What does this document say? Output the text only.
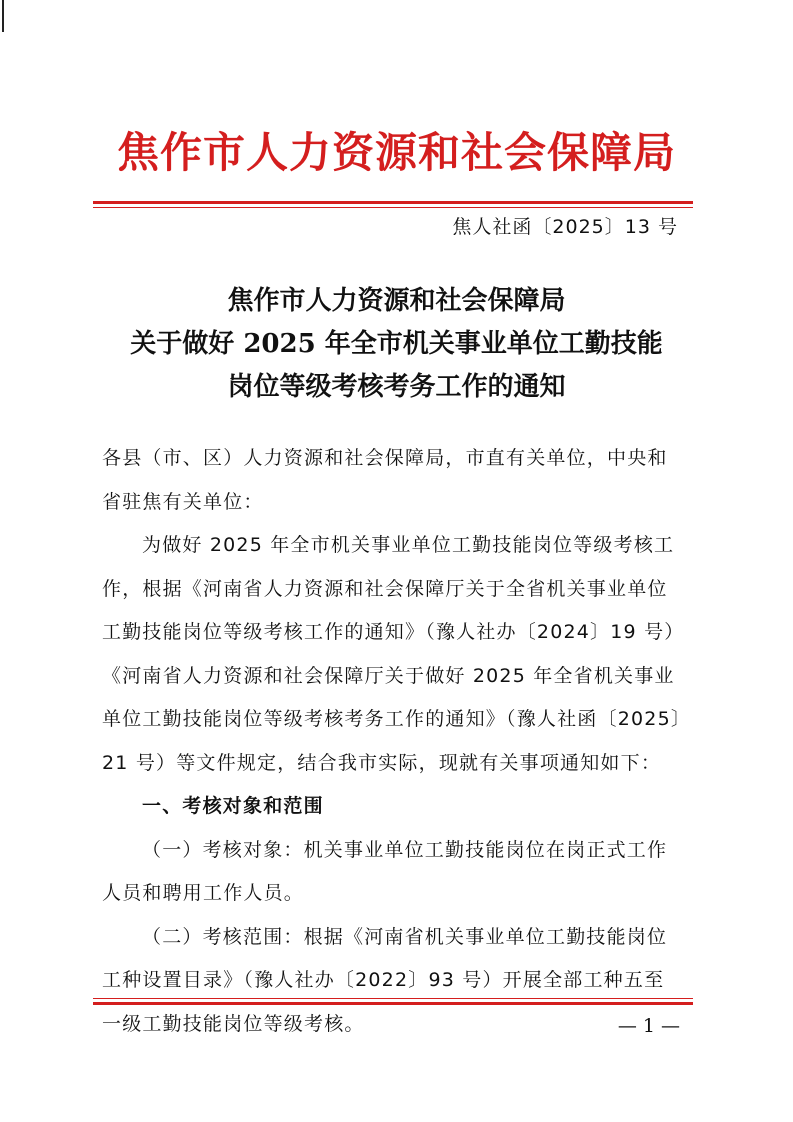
焦作市人力资源和社会保障局
焦人社函〔2025〕13 号
焦作市人力资源和社会保障局
关于做好 2025 年全市机关事业单位工勤技能
岗位等级考核考务工作的通知
各县（市、区）人力资源和社会保障局，市直有关单位，中央和
省驻焦有关单位：
为做好 2025 年全市机关事业单位工勤技能岗位等级考核工
作，根据《河南省人力资源和社会保障厅关于全省机关事业单位
工勤技能岗位等级考核工作的通知》（豫人社办〔2024〕19 号）
《河南省人力资源和社会保障厅关于做好 2025 年全省机关事业
单位工勤技能岗位等级考核考务工作的通知》（豫人社函〔2025〕
21 号）等文件规定，结合我市实际，现就有关事项通知如下：
一、考核对象和范围
（一）考核对象：机关事业单位工勤技能岗位在岗正式工作
人员和聘用工作人员。
（二）考核范围：根据《河南省机关事业单位工勤技能岗位
工种设置目录》（豫人社办〔2022〕93 号）开展全部工种五至
一级工勤技能岗位等级考核。	— 1 —
